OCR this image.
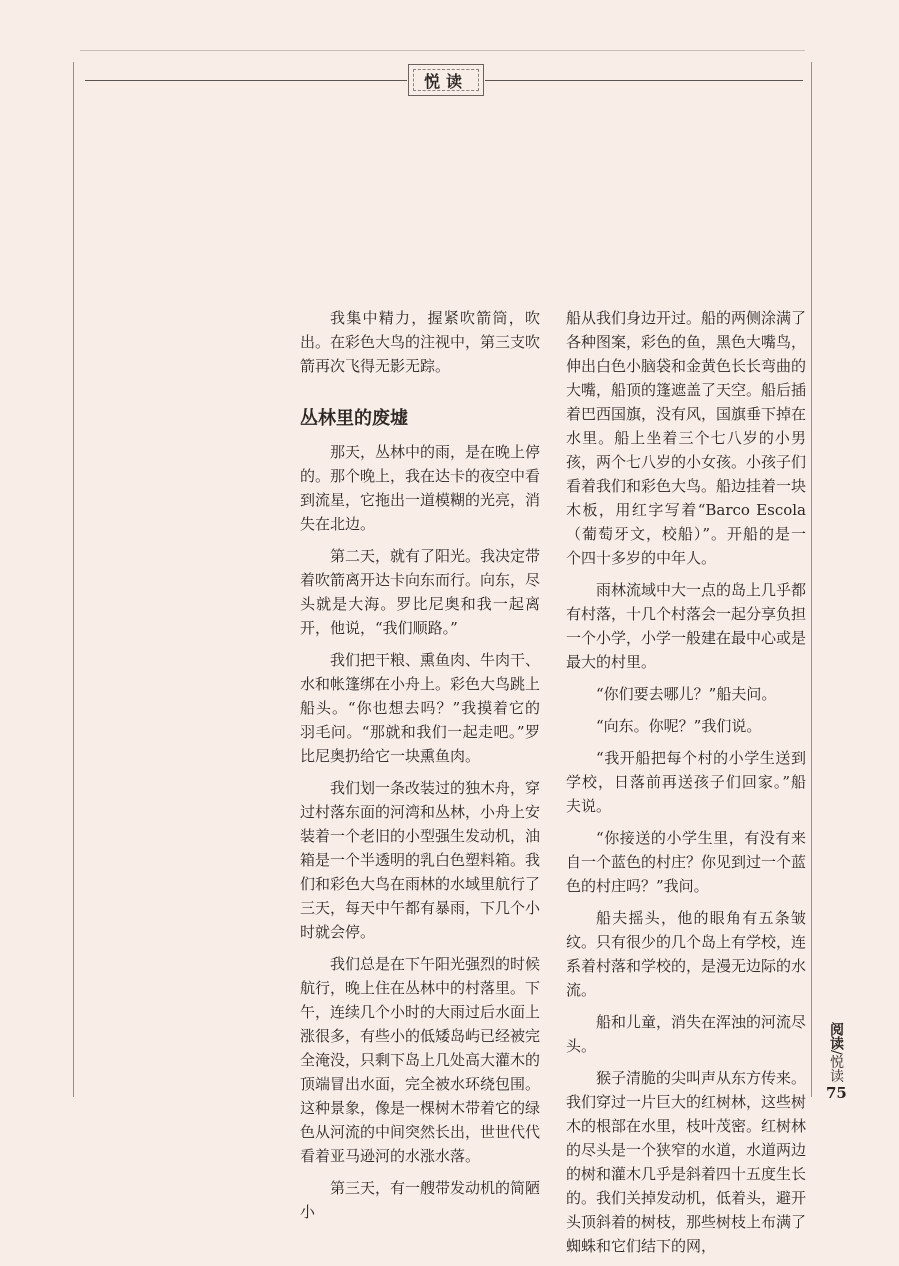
悦读

我集中精力，握紧吹箭筒，吹出。在彩色大鸟的注视中，第三支吹箭再次飞得无影无踪。

丛林里的废墟

那天，丛林中的雨，是在晚上停的。那个晚上，我在达卡的夜空中看到流星，它拖出一道模糊的光亮，消失在北边。

第二天，就有了阳光。我决定带着吹箭离开达卡向东而行。向东，尽头就是大海。罗比尼奥和我一起离开，他说，“我们顺路。”

我们把干粮、熏鱼肉、牛肉干、水和帐篷绑在小舟上。彩色大鸟跳上船头。“你也想去吗？”我摸着它的羽毛问。“那就和我们一起走吧。”罗比尼奥扔给它一块熏鱼肉。

我们划一条改装过的独木舟，穿过村落东面的河湾和丛林，小舟上安装着一个老旧的小型强生发动机，油箱是一个半透明的乳白色塑料箱。我们和彩色大鸟在雨林的水域里航行了三天，每天中午都有暴雨，下几个小时就会停。

我们总是在下午阳光强烈的时候航行，晚上住在丛林中的村落里。下午，连续几个小时的大雨过后水面上涨很多，有些小的低矮岛屿已经被完全淹没，只剩下岛上几处高大灌木的顶端冒出水面，完全被水环绕包围。这种景象，像是一棵树木带着它的绿色从河流的中间突然长出，世世代代看着亚马逊河的水涨水落。

第三天，有一艘带发动机的简陋小

船从我们身边开过。船的两侧涂满了各种图案，彩色的鱼，黑色大嘴鸟，伸出白色小脑袋和金黄色长长弯曲的大嘴，船顶的篷遮盖了天空。船后插着巴西国旗，没有风，国旗垂下掉在水里。船上坐着三个七八岁的小男孩，两个七八岁的小女孩。小孩子们看着我们和彩色大鸟。船边挂着一块木板，用红字写着“Barco Escola（葡萄牙文，校船）”。开船的是一个四十多岁的中年人。

雨林流域中大一点的岛上几乎都有村落，十几个村落会一起分享负担一个小学，小学一般建在最中心或是最大的村里。

“你们要去哪儿？”船夫问。

“向东。你呢？”我们说。

“我开船把每个村的小学生送到学校，日落前再送孩子们回家。”船夫说。

“你接送的小学生里，有没有来自一个蓝色的村庄？你见到过一个蓝色的村庄吗？”我问。

船夫摇头，他的眼角有五条皱纹。只有很少的几个岛上有学校，连系着村落和学校的，是漫无边际的水流。

船和儿童，消失在浑浊的河流尽头。

猴子清脆的尖叫声从东方传来。我们穿过一片巨大的红树林，这些树木的根部在水里，枝叶茂密。红树林的尽头是一个狭窄的水道，水道两边的树和灌木几乎是斜着四十五度生长的。我们关掉发动机，低着头，避开头顶斜着的树枝，那些树枝上布满了蜘蛛和它们结下的网，

阅读/悦读
75
